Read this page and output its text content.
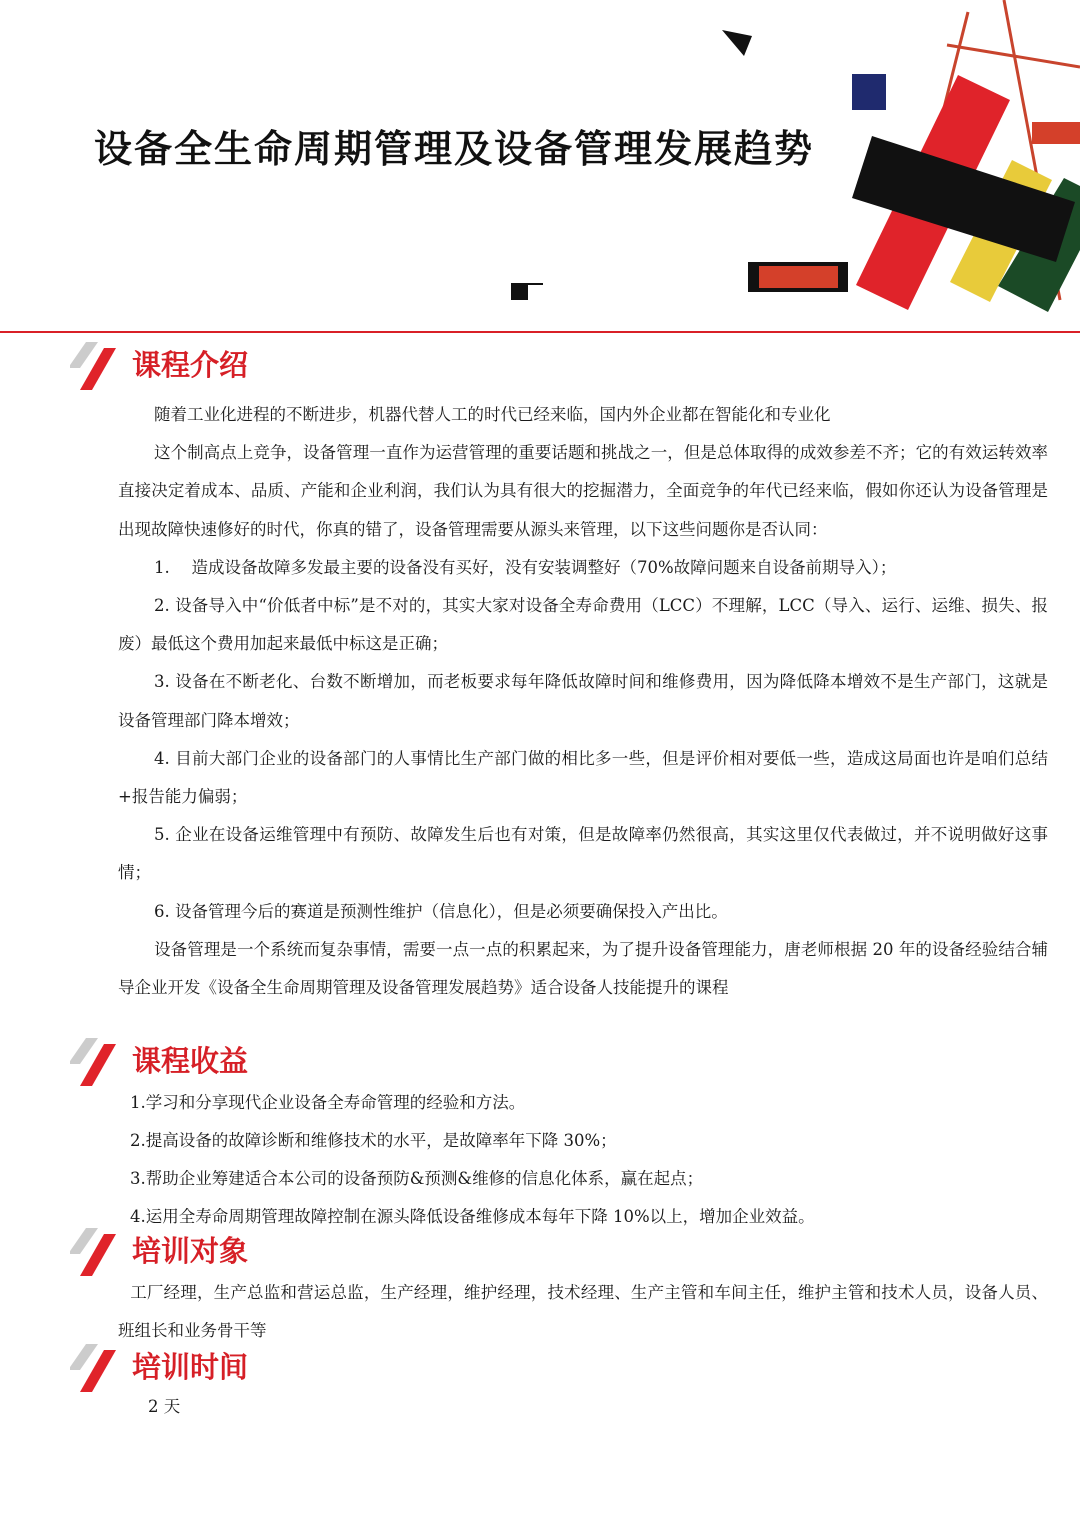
设备全生命周期管理及设备管理发展趋势
课程介绍
随着工业化进程的不断进步，机器代替人工的时代已经来临，国内外企业都在智能化和专业化
这个制高点上竞争，设备管理一直作为运营管理的重要话题和挑战之一，但是总体取得的成效参差不齐；它的有效运转效率直接决定着成本、品质、产能和企业利润，我们认为具有很大的挖掘潜力，全面竞争的年代已经来临，假如你还认为设备管理是出现故障快速修好的时代，你真的错了，设备管理需要从源头来管理，以下这些问题你是否认同：
1.　 造成设备故障多发最主要的设备没有买好，没有安装调整好（70%故障问题来自设备前期导入）；
2. 设备导入中“价低者中标”是不对的，其实大家对设备全寿命费用（LCC）不理解，LCC（导入、运行、运维、损失、报废）最低这个费用加起来最低中标这是正确；
3. 设备在不断老化、台数不断增加，而老板要求每年降低故障时间和维修费用，因为降低降本增效不是生产部门，这就是设备管理部门降本增效；
4. 目前大部门企业的设备部门的人事情比生产部门做的相比多一些，但是评价相对要低一些，造成这局面也许是咱们总结+报告能力偏弱；
5. 企业在设备运维管理中有预防、故障发生后也有对策，但是故障率仍然很高，其实这里仅代表做过，并不说明做好这事情；
6. 设备管理今后的赛道是预测性维护（信息化），但是必须要确保投入产出比。
设备管理是一个系统而复杂事情，需要一点一点的积累起来，为了提升设备管理能力，唐老师根据 20 年的设备经验结合辅导企业开发《设备全生命周期管理及设备管理发展趋势》适合设备人技能提升的课程
课程收益
1.学习和分享现代企业设备全寿命管理的经验和方法。
2.提高设备的故障诊断和维修技术的水平，是故障率年下降 30%；
3.帮助企业筹建适合本公司的设备预防&预测&维修的信息化体系，赢在起点；
4.运用全寿命周期管理故障控制在源头降低设备维修成本每年下降 10%以上，增加企业效益。
培训对象
工厂经理，生产总监和营运总监，生产经理，维护经理，技术经理、生产主管和车间主任，维护主管和技术人员，设备人员、班组长和业务骨干等
培训时间
2 天
